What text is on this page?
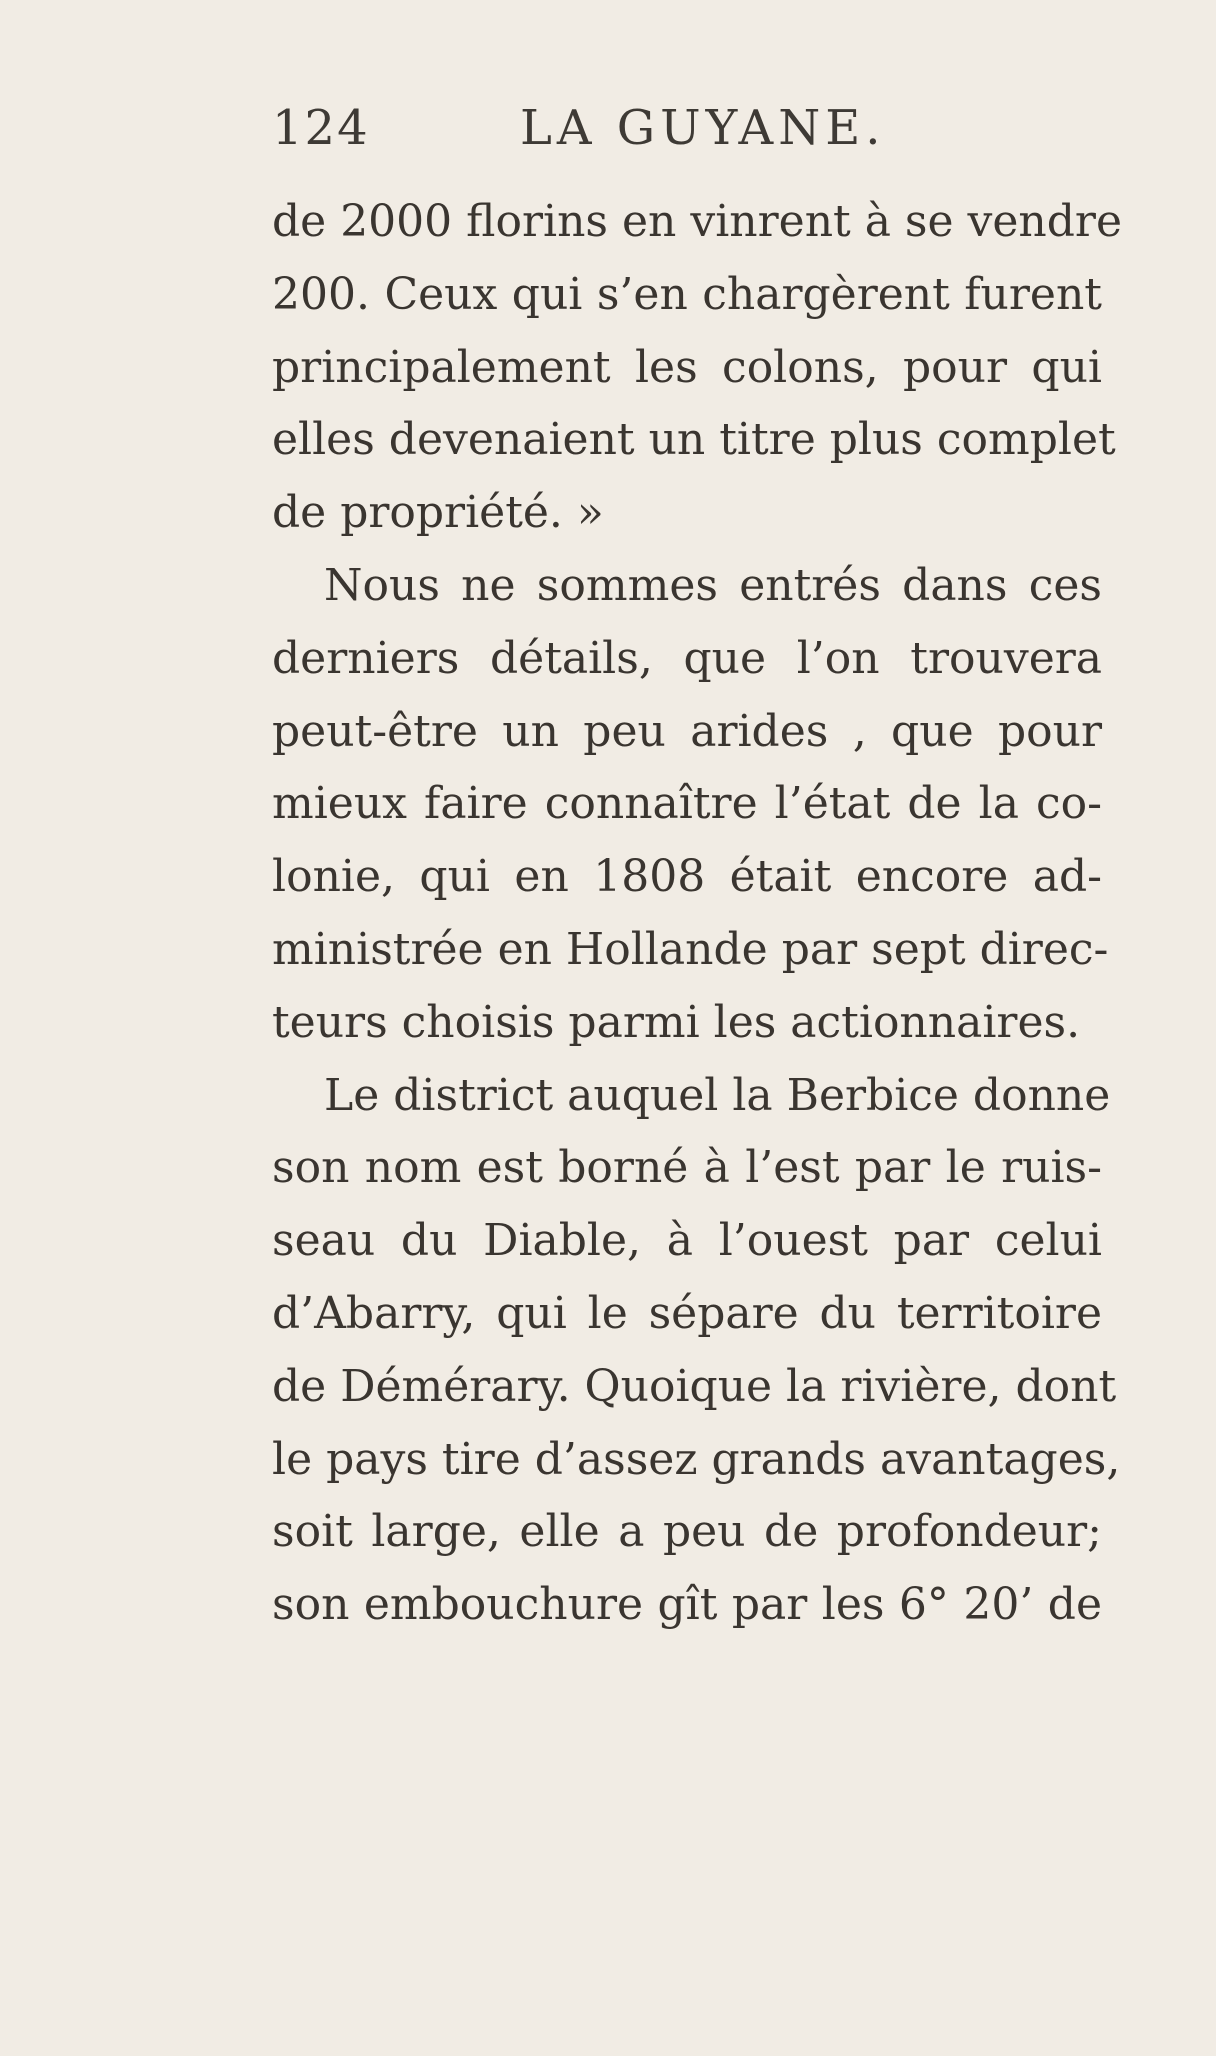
124	LA GUYANE.
de 2000 florins en vinrent à se vendre
200. Ceux qui s’en chargèrent furent
principalement les colons, pour qui
elles devenaient un titre plus complet
de propriété. »
Nous ne sommes entrés dans ces
derniers détails, que l’on trouvera
peut-être un peu arides , que pour
mieux faire connaître l’état de la co-
lonie, qui en 1808 était encore ad-
ministrée en Hollande par sept direc-
teurs choisis parmi les actionnaires.
Le district auquel la Berbice donne
son nom est borné à l’est par le ruis-
seau du Diable, à l’ouest par celui
d’Abarry, qui le sépare du territoire
de Démérary. Quoique la rivière, dont
le pays tire d’assez grands avantages,
soit large, elle a peu de profondeur;
son embouchure gît par les 6° 20’ de
